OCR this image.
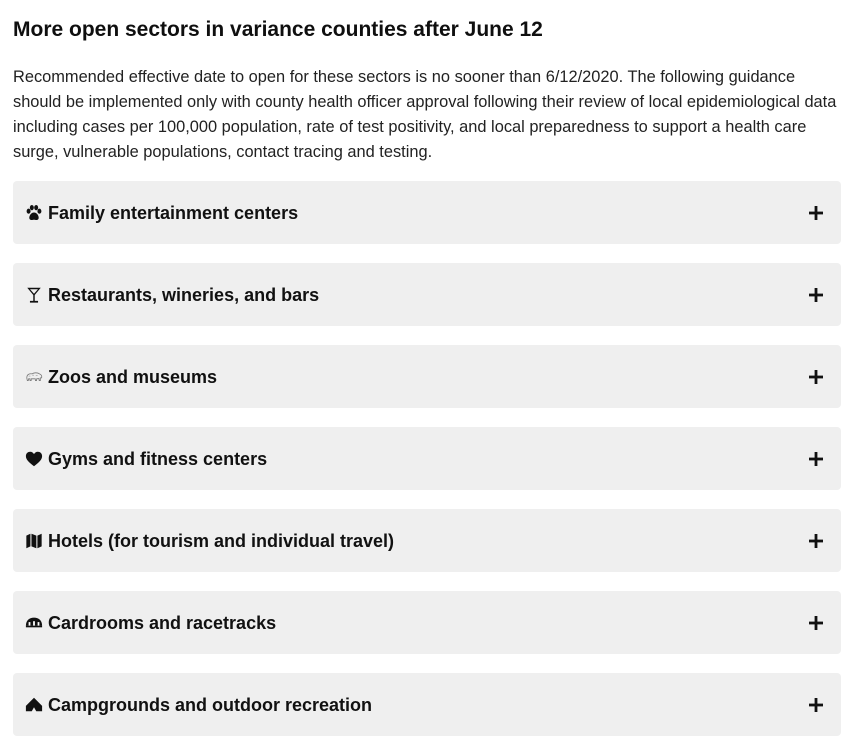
More open sectors in variance counties after June 12

Recommended effective date to open for these sectors is no sooner than 6/12/2020. The following guidance should be implemented only with county health officer approval following their review of local epidemiological data including cases per 100,000 population, rate of test positivity, and local preparedness to support a health care surge, vulnerable populations, contact tracing and testing.

Family entertainment centers
Restaurants, wineries, and bars
Zoos and museums
Gyms and fitness centers
Hotels (for tourism and individual travel)
Cardrooms and racetracks
Campgrounds and outdoor recreation
